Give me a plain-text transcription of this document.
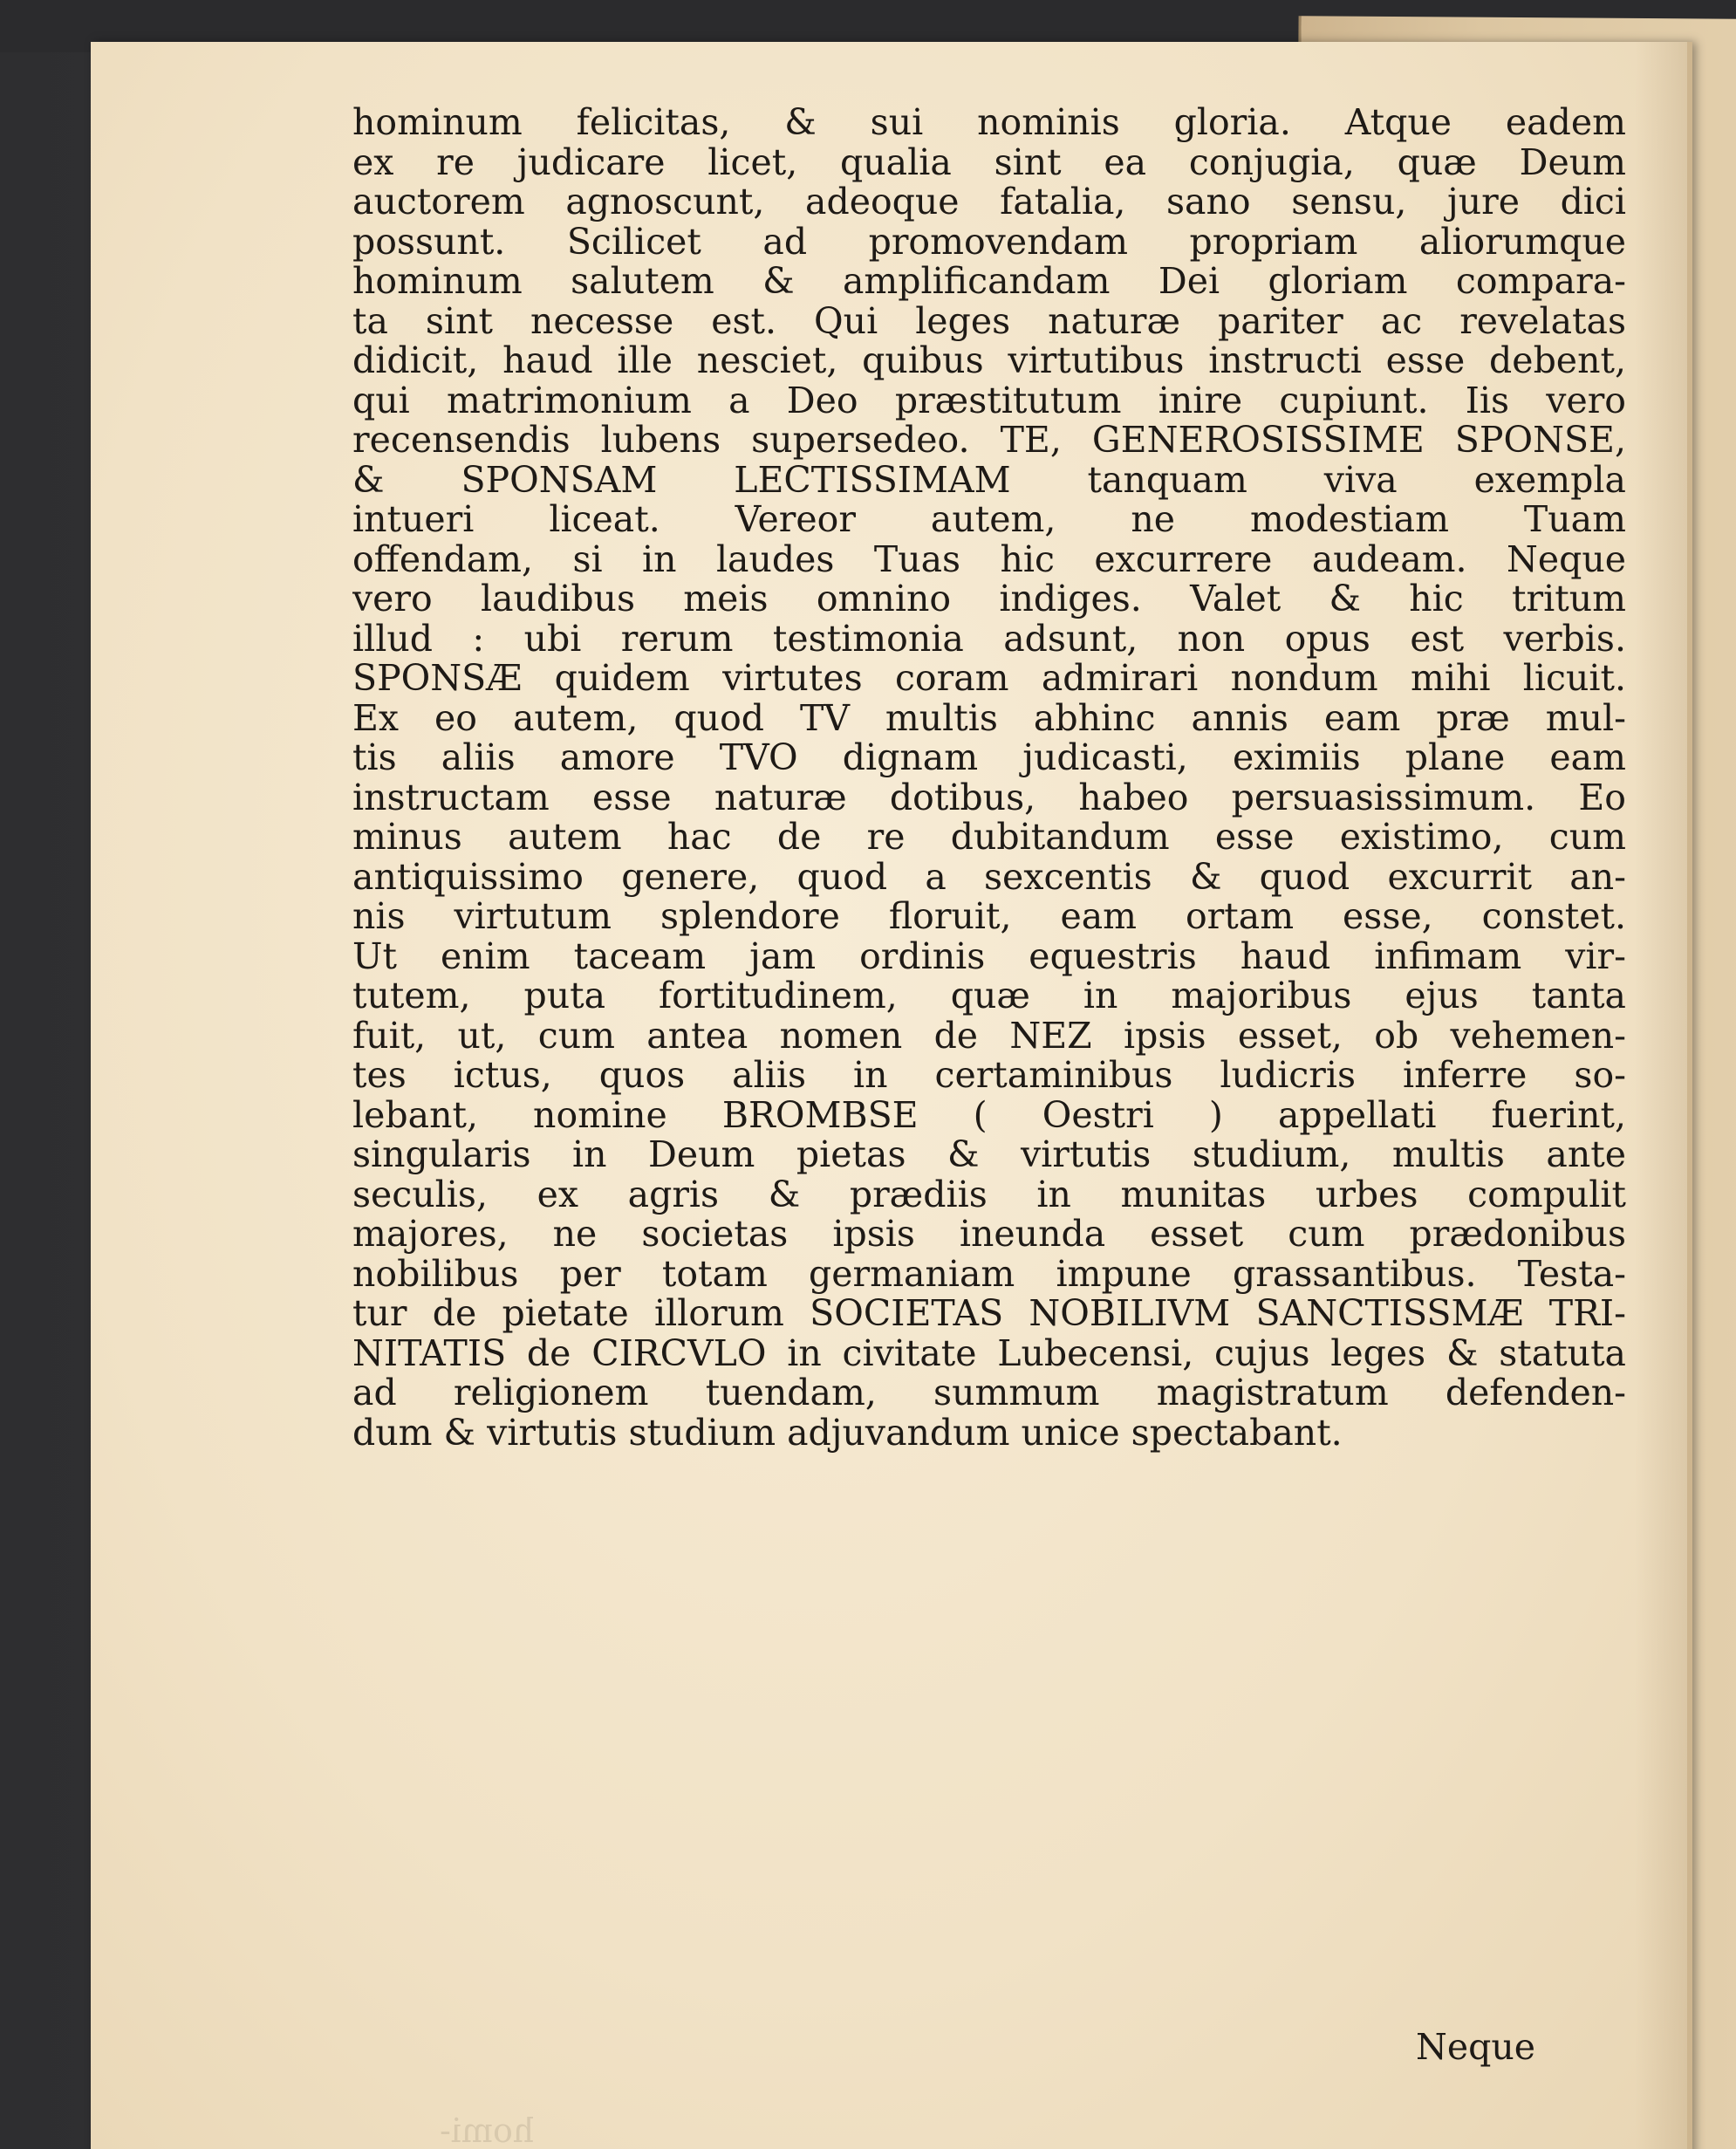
hominum felicitas, & sui nominis gloria. Atque eadem
ex re judicare licet, qualia sint ea conjugia, quæ Deum
auctorem agnoscunt, adeoque fatalia, sano sensu, jure dici
possunt. Scilicet ad promovendam propriam aliorumque
hominum salutem & amplificandam Dei gloriam compara-
ta sint necesse est. Qui leges naturæ pariter ac revelatas
didicit, haud ille nesciet, quibus virtutibus instructi esse debent,
qui matrimonium a Deo præstitutum inire cupiunt. Iis vero
recensendis lubens supersedeo. TE, GENEROSISSIME SPONSE,
& SPONSAM LECTISSIMAM tanquam viva exempla
intueri liceat. Vereor autem, ne modestiam Tuam
offendam, si in laudes Tuas hic excurrere audeam. Neque
vero laudibus meis omnino indiges. Valet & hic tritum
illud : ubi rerum testimonia adsunt, non opus est verbis.
SPONSÆ quidem virtutes coram admirari nondum mihi licuit.
Ex eo autem, quod TV multis abhinc annis eam præ mul-
tis aliis amore TVO dignam judicasti, eximiis plane eam
instructam esse naturæ dotibus, habeo persuasissimum. Eo
minus autem hac de re dubitandum esse existimo, cum
antiquissimo genere, quod a sexcentis & quod excurrit an-
nis virtutum splendore floruit, eam ortam esse, constet.
Ut enim taceam jam ordinis equestris haud infimam vir-
tutem, puta fortitudinem, quæ in majoribus ejus tanta
fuit, ut, cum antea nomen de NEZ ipsis esset, ob vehemen-
tes ictus, quos aliis in certaminibus ludicris inferre so-
lebant, nomine BROMBSE ( Oestri ) appellati fuerint,
singularis in Deum pietas & virtutis studium, multis ante
seculis, ex agris & prædiis in munitas urbes compulit
majores, ne societas ipsis ineunda esset cum prædonibus
nobilibus per totam germaniam impune grassantibus. Testa-
tur de pietate illorum SOCIETAS NOBILIVM SANCTISSMÆ TRI-
NITATIS de CIRCVLO in civitate Lubecensi, cujus leges & statuta
ad religionem tuendam, summum magistratum defenden-
dum & virtutis studium adjuvandum unice spectabant.
homi-
Neque
